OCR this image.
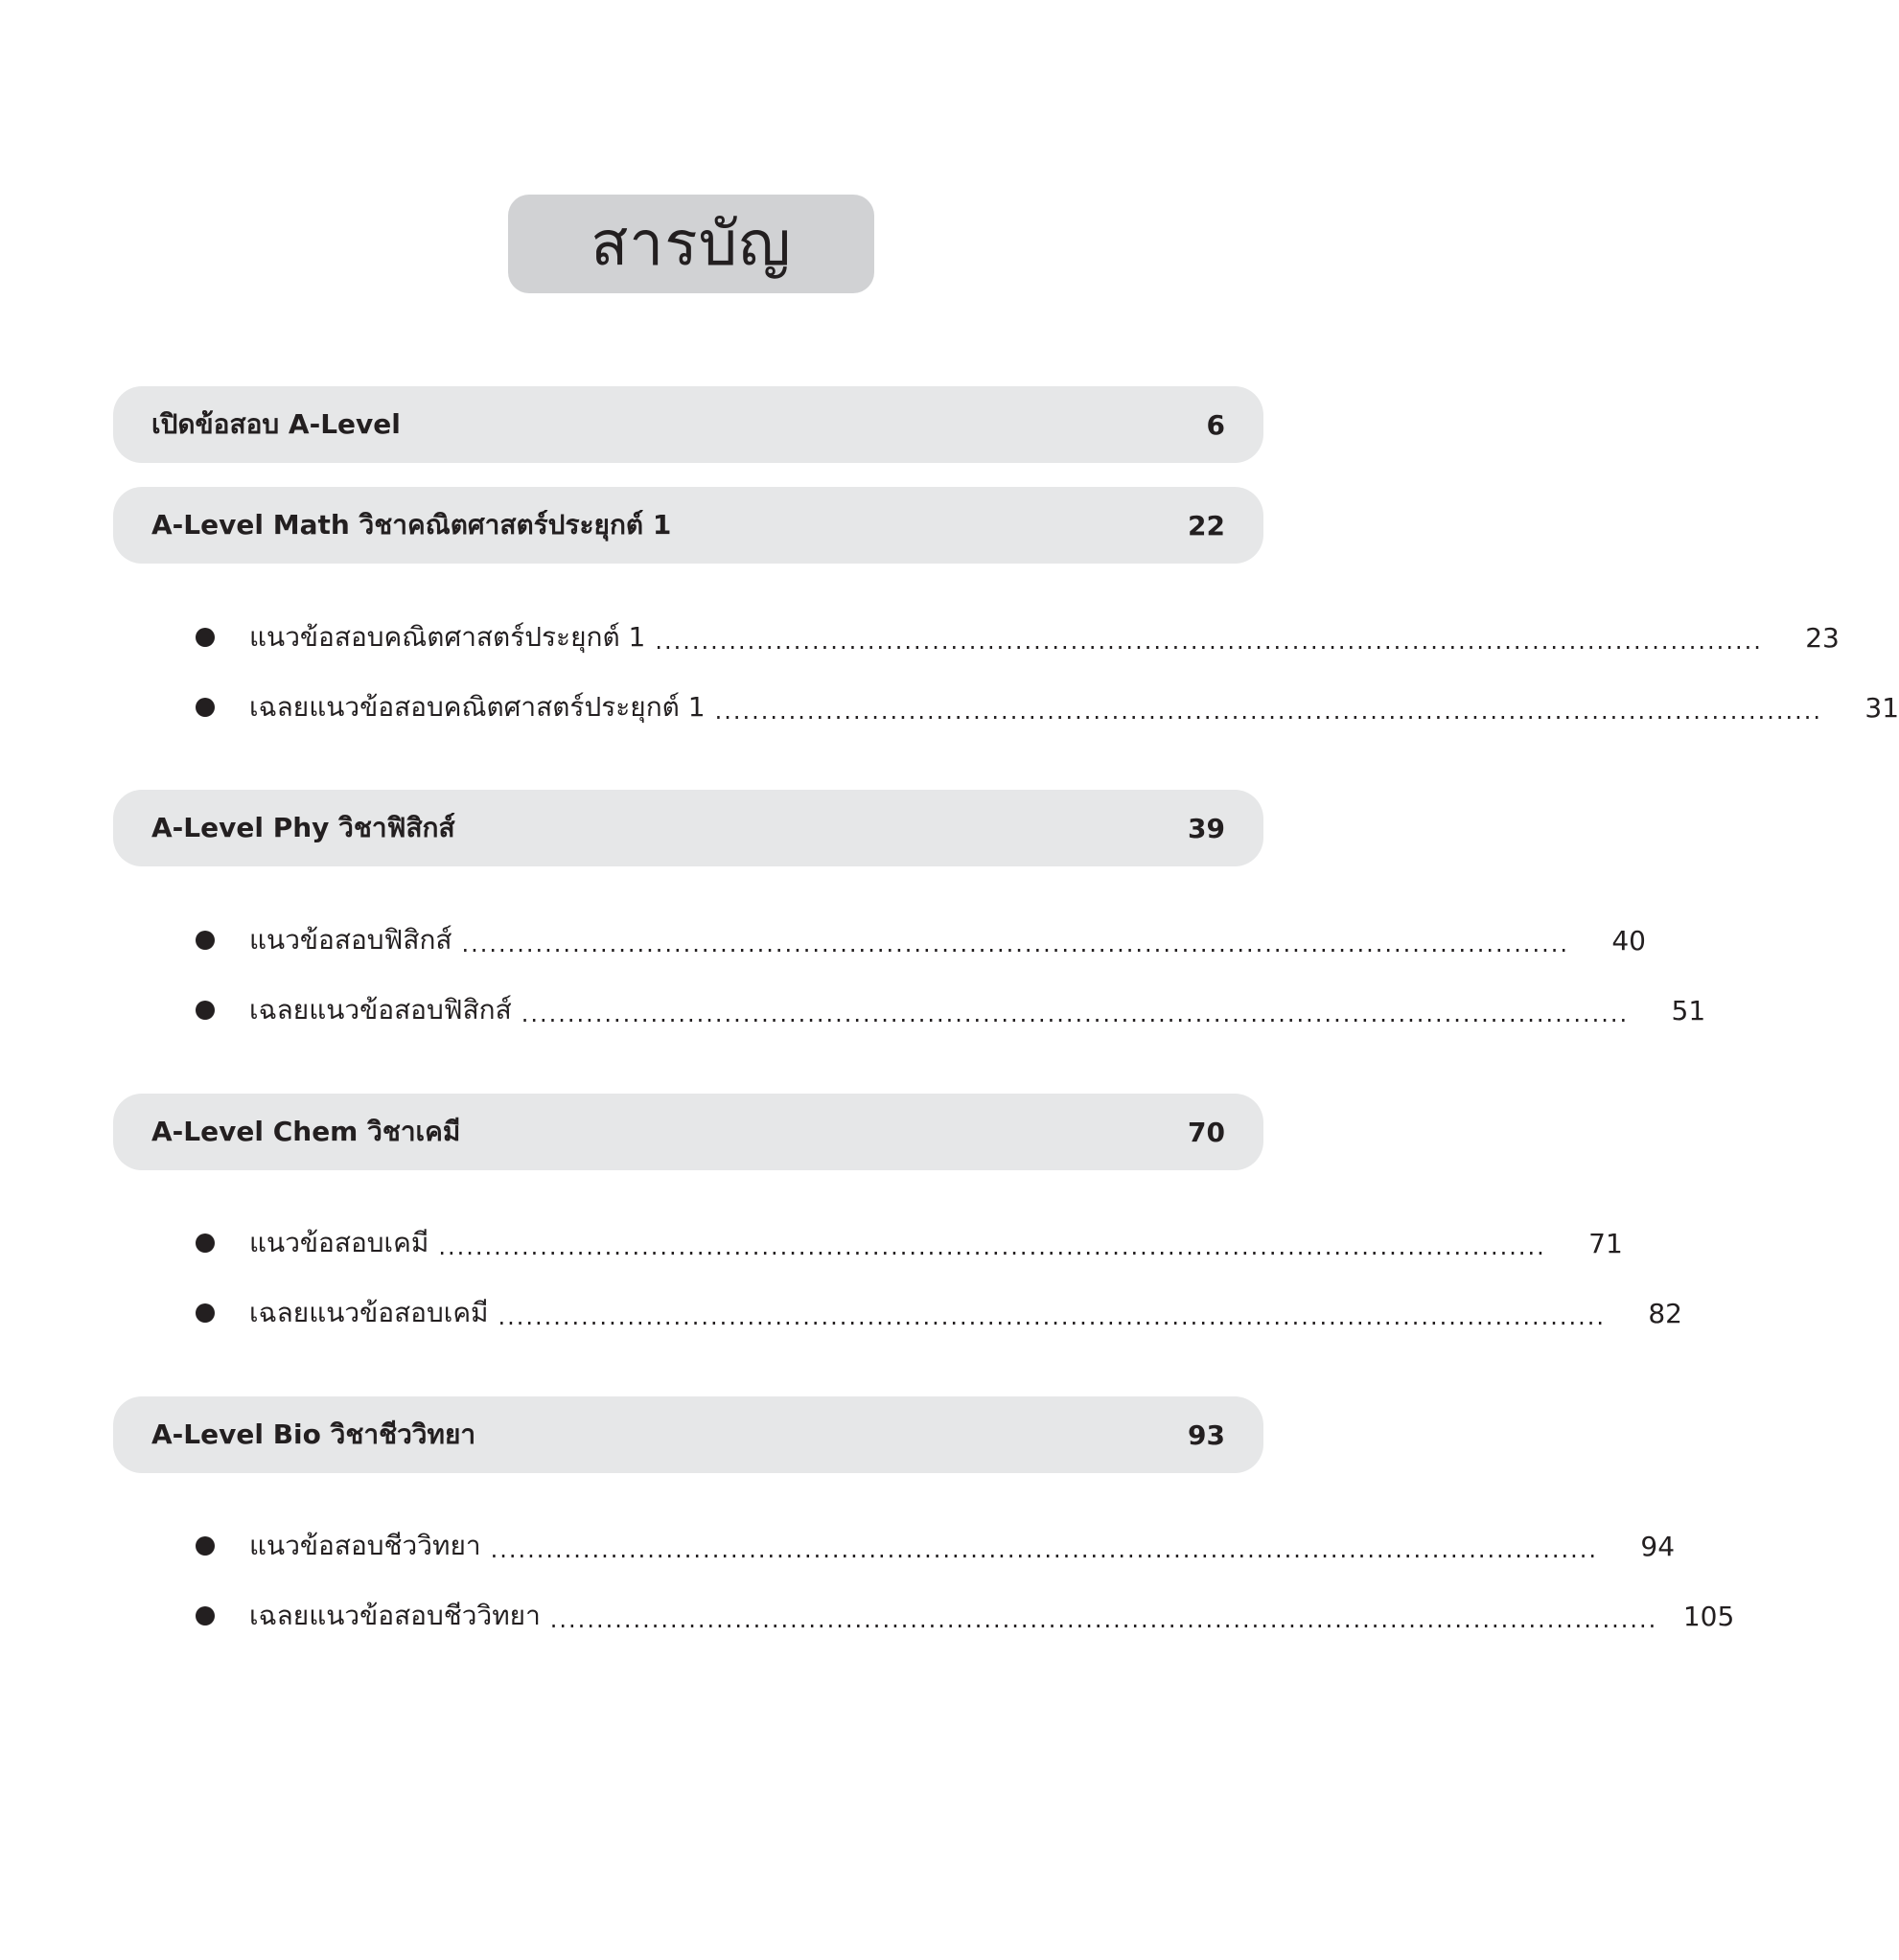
สารบัญ
เปิดข้อสอบ A-Level	6
A-Level Math วิชาคณิตศาสตร์ประยุกต์ 1	22
แนวข้อสอบคณิตศาสตร์ประยุกต์ 1 ........................................................................................................................	23
เฉลยแนวข้อสอบคณิตศาสตร์ประยุกต์ 1 ........................................................................................................................	31
A-Level Phy วิชาฟิสิกส์	39
แนวข้อสอบฟิสิกส์ ........................................................................................................................	40
เฉลยแนวข้อสอบฟิสิกส์ ........................................................................................................................	51
A-Level Chem วิชาเคมี	70
แนวข้อสอบเคมี ........................................................................................................................	71
เฉลยแนวข้อสอบเคมี ........................................................................................................................	82
A-Level Bio วิชาชีววิทยา	93
แนวข้อสอบชีววิทยา ........................................................................................................................	94
เฉลยแนวข้อสอบชีววิทยา ........................................................................................................................ 105
